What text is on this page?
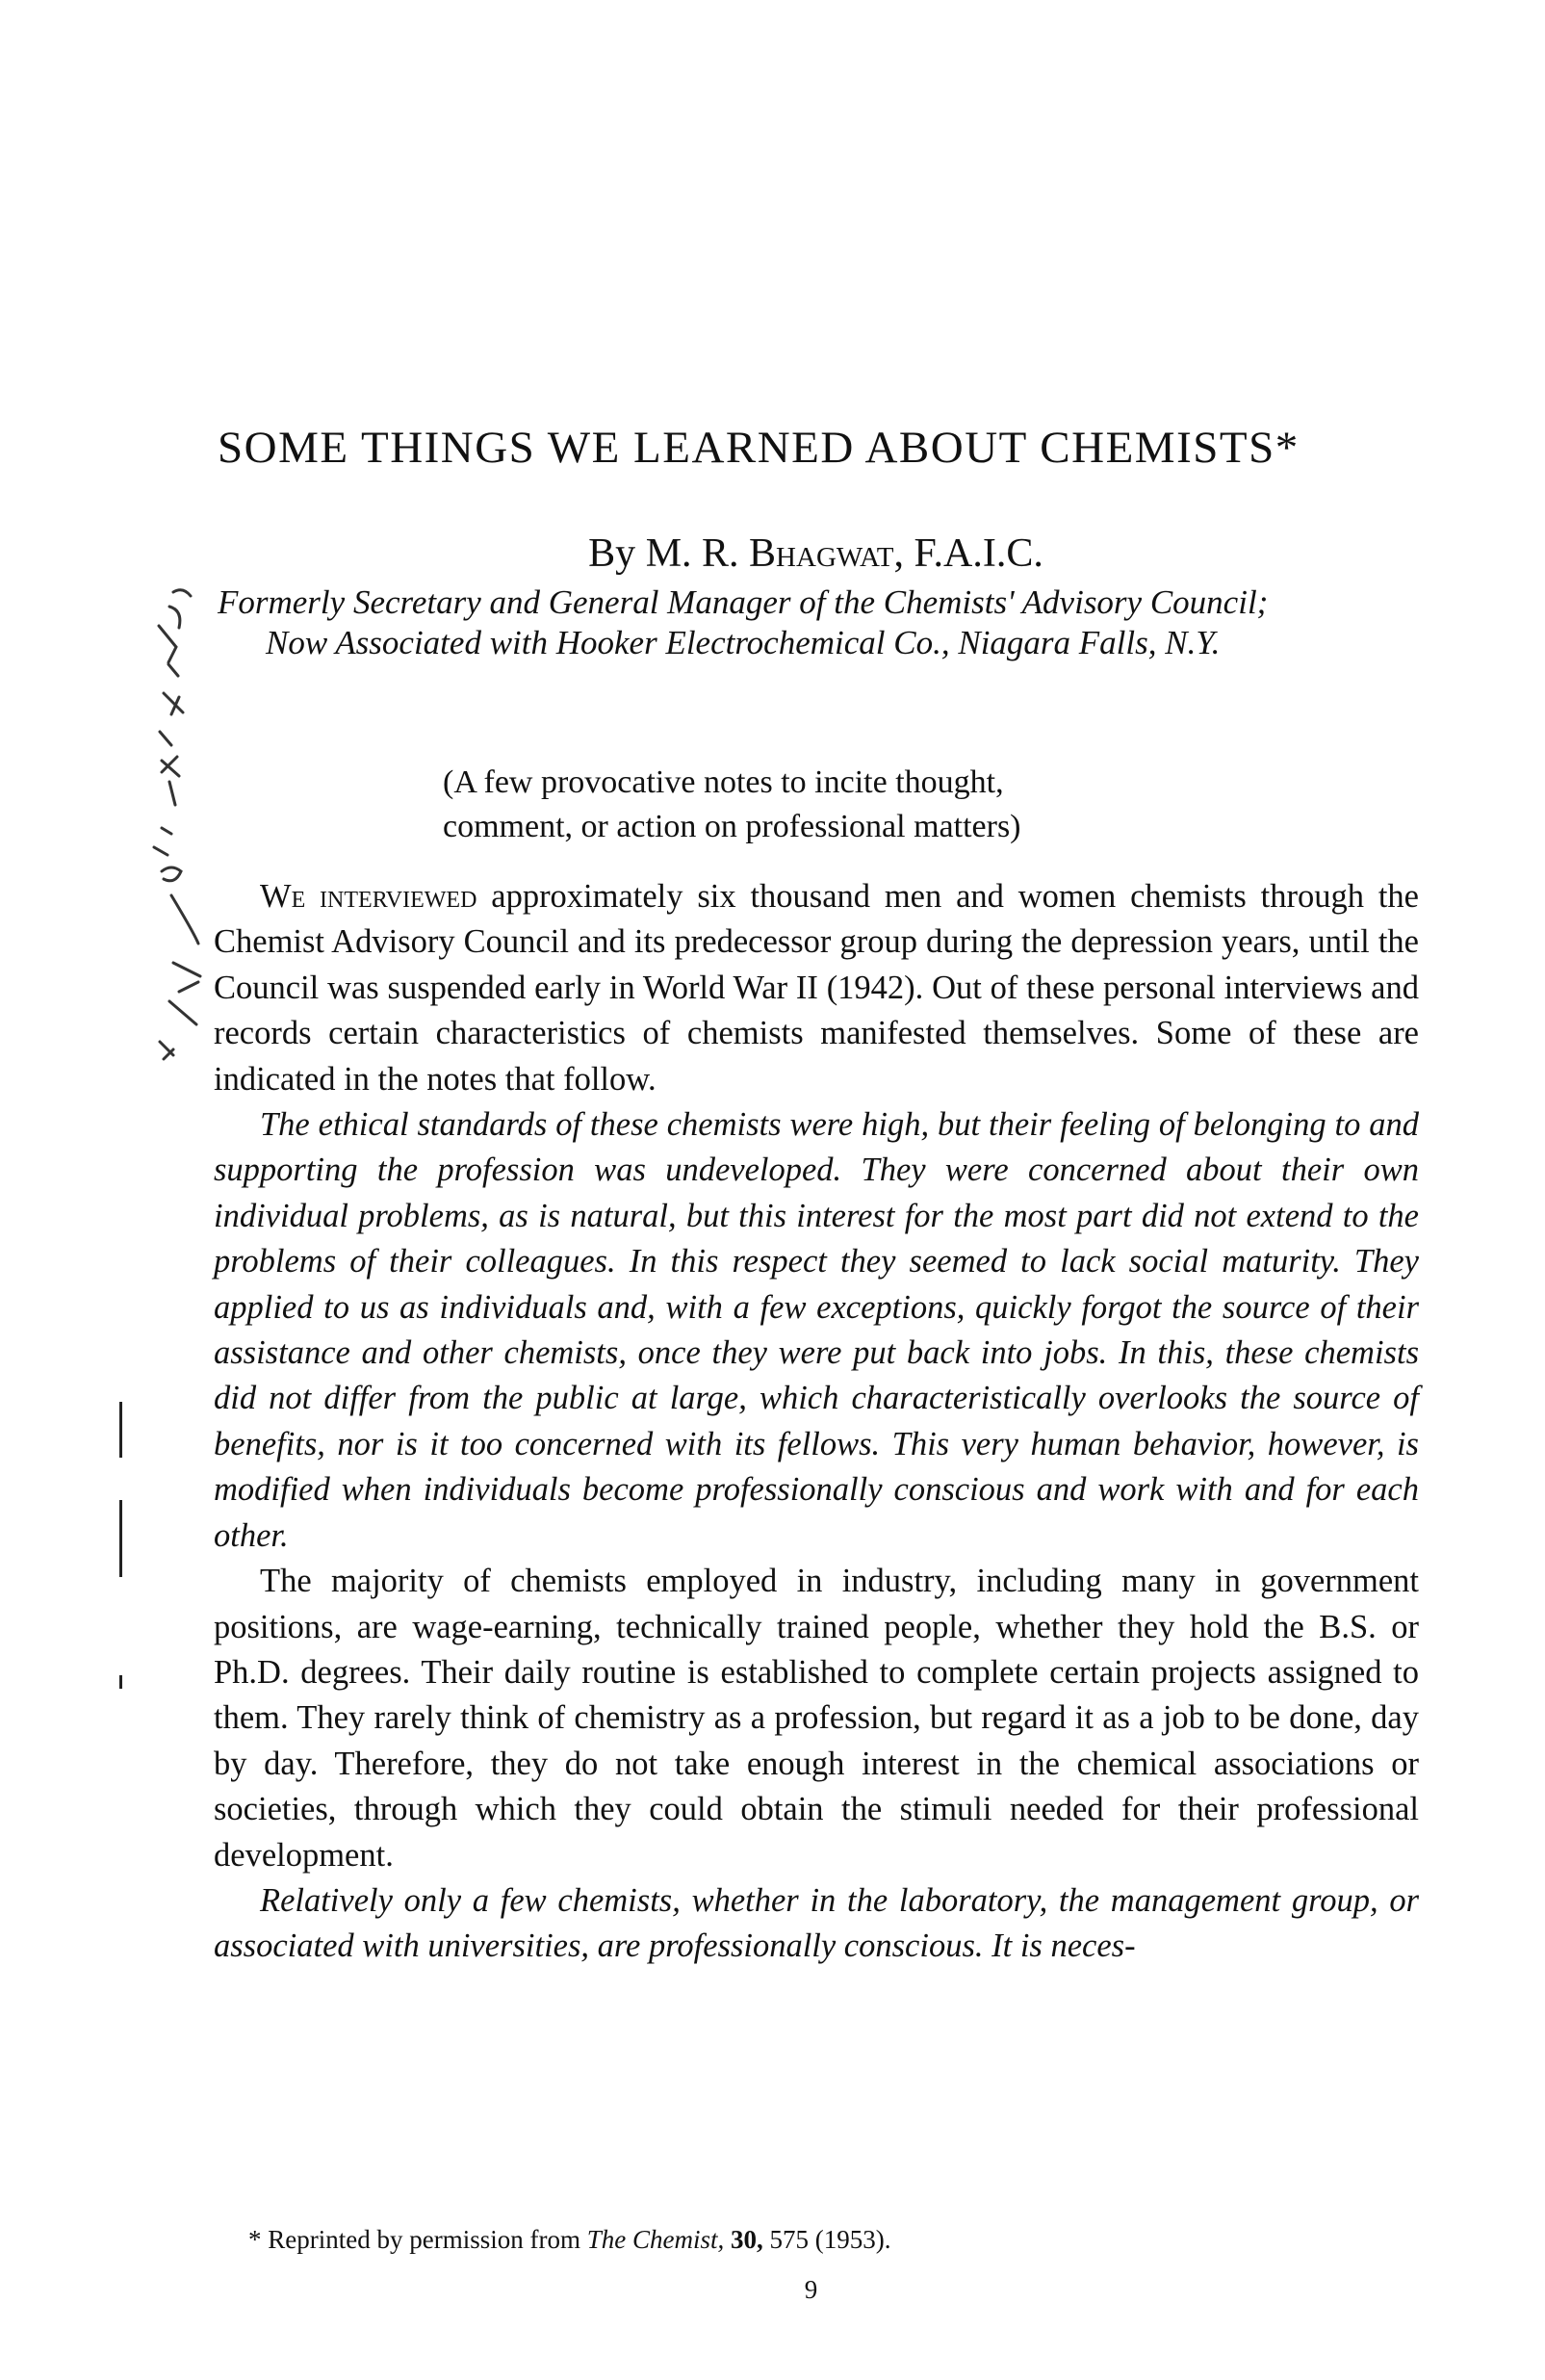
SOME THINGS WE LEARNED ABOUT CHEMISTS*
By M. R. Bhagwat, F.A.I.C.
Formerly Secretary and General Manager of the Chemists' Advisory Council;
Now Associated with Hooker Electrochemical Co., Niagara Falls, N.Y.
(A few provocative notes to incite thought,
comment, or action on professional matters)

We interviewed approximately six thousand men and women chemists through the Chemist Advisory Council and its predecessor group during the depression years, until the Council was suspended early in World War II (1942). Out of these personal interviews and records certain characteristics of chemists manifested themselves. Some of these are indicated in the notes that follow.

The ethical standards of these chemists were high, but their feeling of belonging to and supporting the profession was undeveloped. They were concerned about their own individual problems, as is natural, but this interest for the most part did not extend to the problems of their colleagues. In this respect they seemed to lack social maturity. They applied to us as individuals and, with a few exceptions, quickly forgot the source of their assistance and other chemists, once they were put back into jobs. In this, these chemists did not differ from the public at large, which characteristically overlooks the source of benefits, nor is it too concerned with its fellows. This very human behavior, however, is modified when individuals become professionally conscious and work with and for each other.

The majority of chemists employed in industry, including many in government positions, are wage-earning, technically trained people, whether they hold the B.S. or Ph.D. degrees. Their daily routine is established to complete certain projects assigned to them. They rarely think of chemistry as a profession, but regard it as a job to be done, day by day. Therefore, they do not take enough interest in the chemical associations or societies, through which they could obtain the stimuli needed for their professional development.

Relatively only a few chemists, whether in the laboratory, the management group, or associated with universities, are professionally conscious. It is neces-

* Reprinted by permission from The Chemist, 30, 575 (1953).
9
